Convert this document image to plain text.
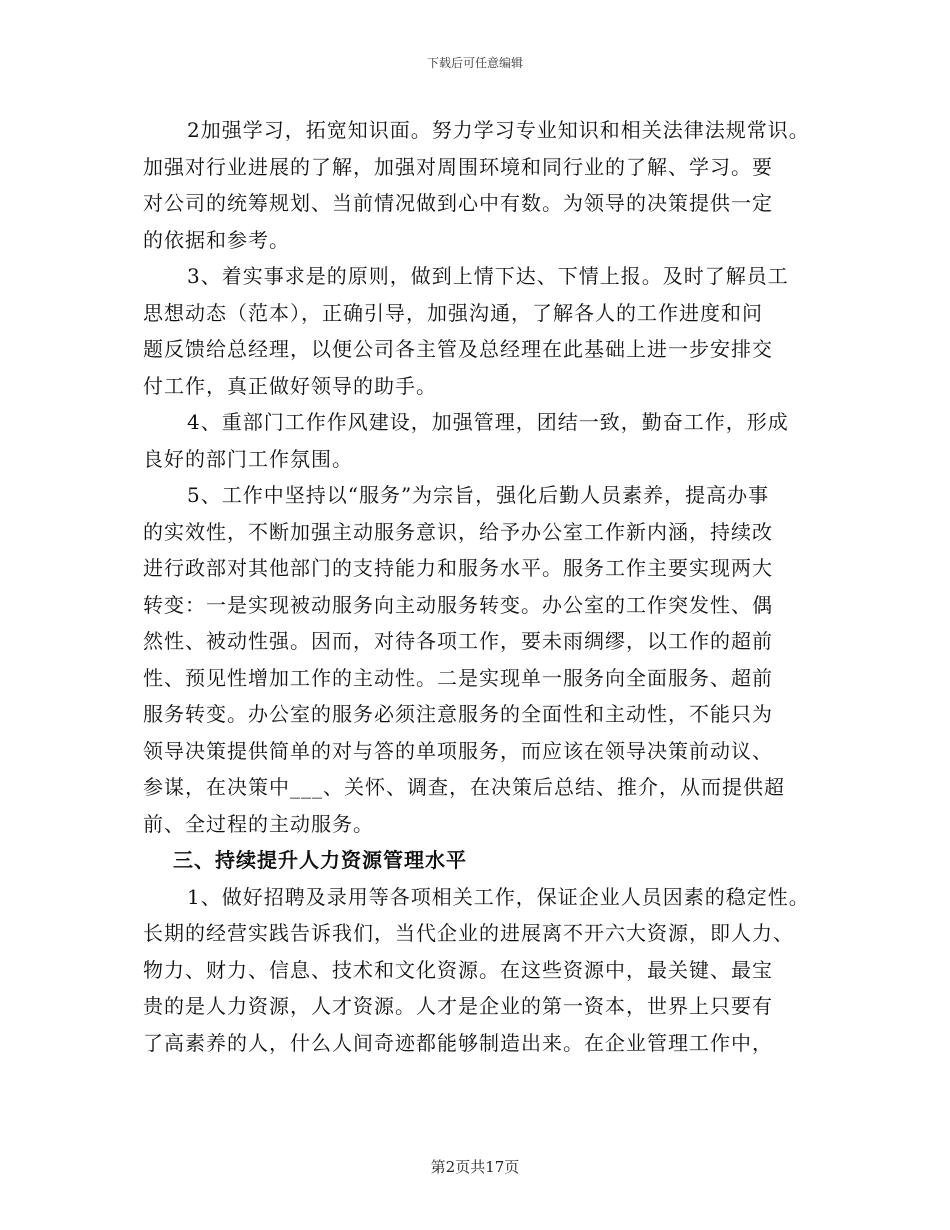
下载后可任意编辑
2加强学习，拓宽知识面。努力学习专业知识和相关法律法规常识。
加强对行业进展的了解，加强对周围环境和同行业的了解、学习。要
对公司的统筹规划、当前情况做到心中有数。为领导的决策提供一定
的依据和参考。
3、着实事求是的原则，做到上情下达、下情上报。及时了解员工
思想动态（范本），正确引导，加强沟通，了解各人的工作进度和问
题反馈给总经理，以便公司各主管及总经理在此基础上进一步安排交
付工作，真正做好领导的助手。
4、重部门工作作风建设，加强管理，团结一致，勤奋工作，形成
良好的部门工作氛围。
5、工作中坚持以“服务”为宗旨，强化后勤人员素养，提高办事
的实效性，不断加强主动服务意识，给予办公室工作新内涵，持续改
进行政部对其他部门的支持能力和服务水平。服务工作主要实现两大
转变：一是实现被动服务向主动服务转变。办公室的工作突发性、偶
然性、被动性强。因而，对待各项工作，要未雨绸缪，以工作的超前
性、预见性增加工作的主动性。二是实现单一服务向全面服务、超前
服务转变。办公室的服务必须注意服务的全面性和主动性，不能只为
领导决策提供简单的对与答的单项服务，而应该在领导决策前动议、
参谋，在决策中___、关怀、调查，在决策后总结、推介，从而提供超
前、全过程的主动服务。
三、持续提升人力资源管理水平
1、做好招聘及录用等各项相关工作，保证企业人员因素的稳定性。
长期的经营实践告诉我们，当代企业的进展离不开六大资源，即人力、
物力、财力、信息、技术和文化资源。在这些资源中，最关键、最宝
贵的是人力资源，人才资源。人才是企业的第一资本，世界上只要有
了高素养的人，什么人间奇迹都能够制造出来。在企业管理工作中，
第2页共17页
